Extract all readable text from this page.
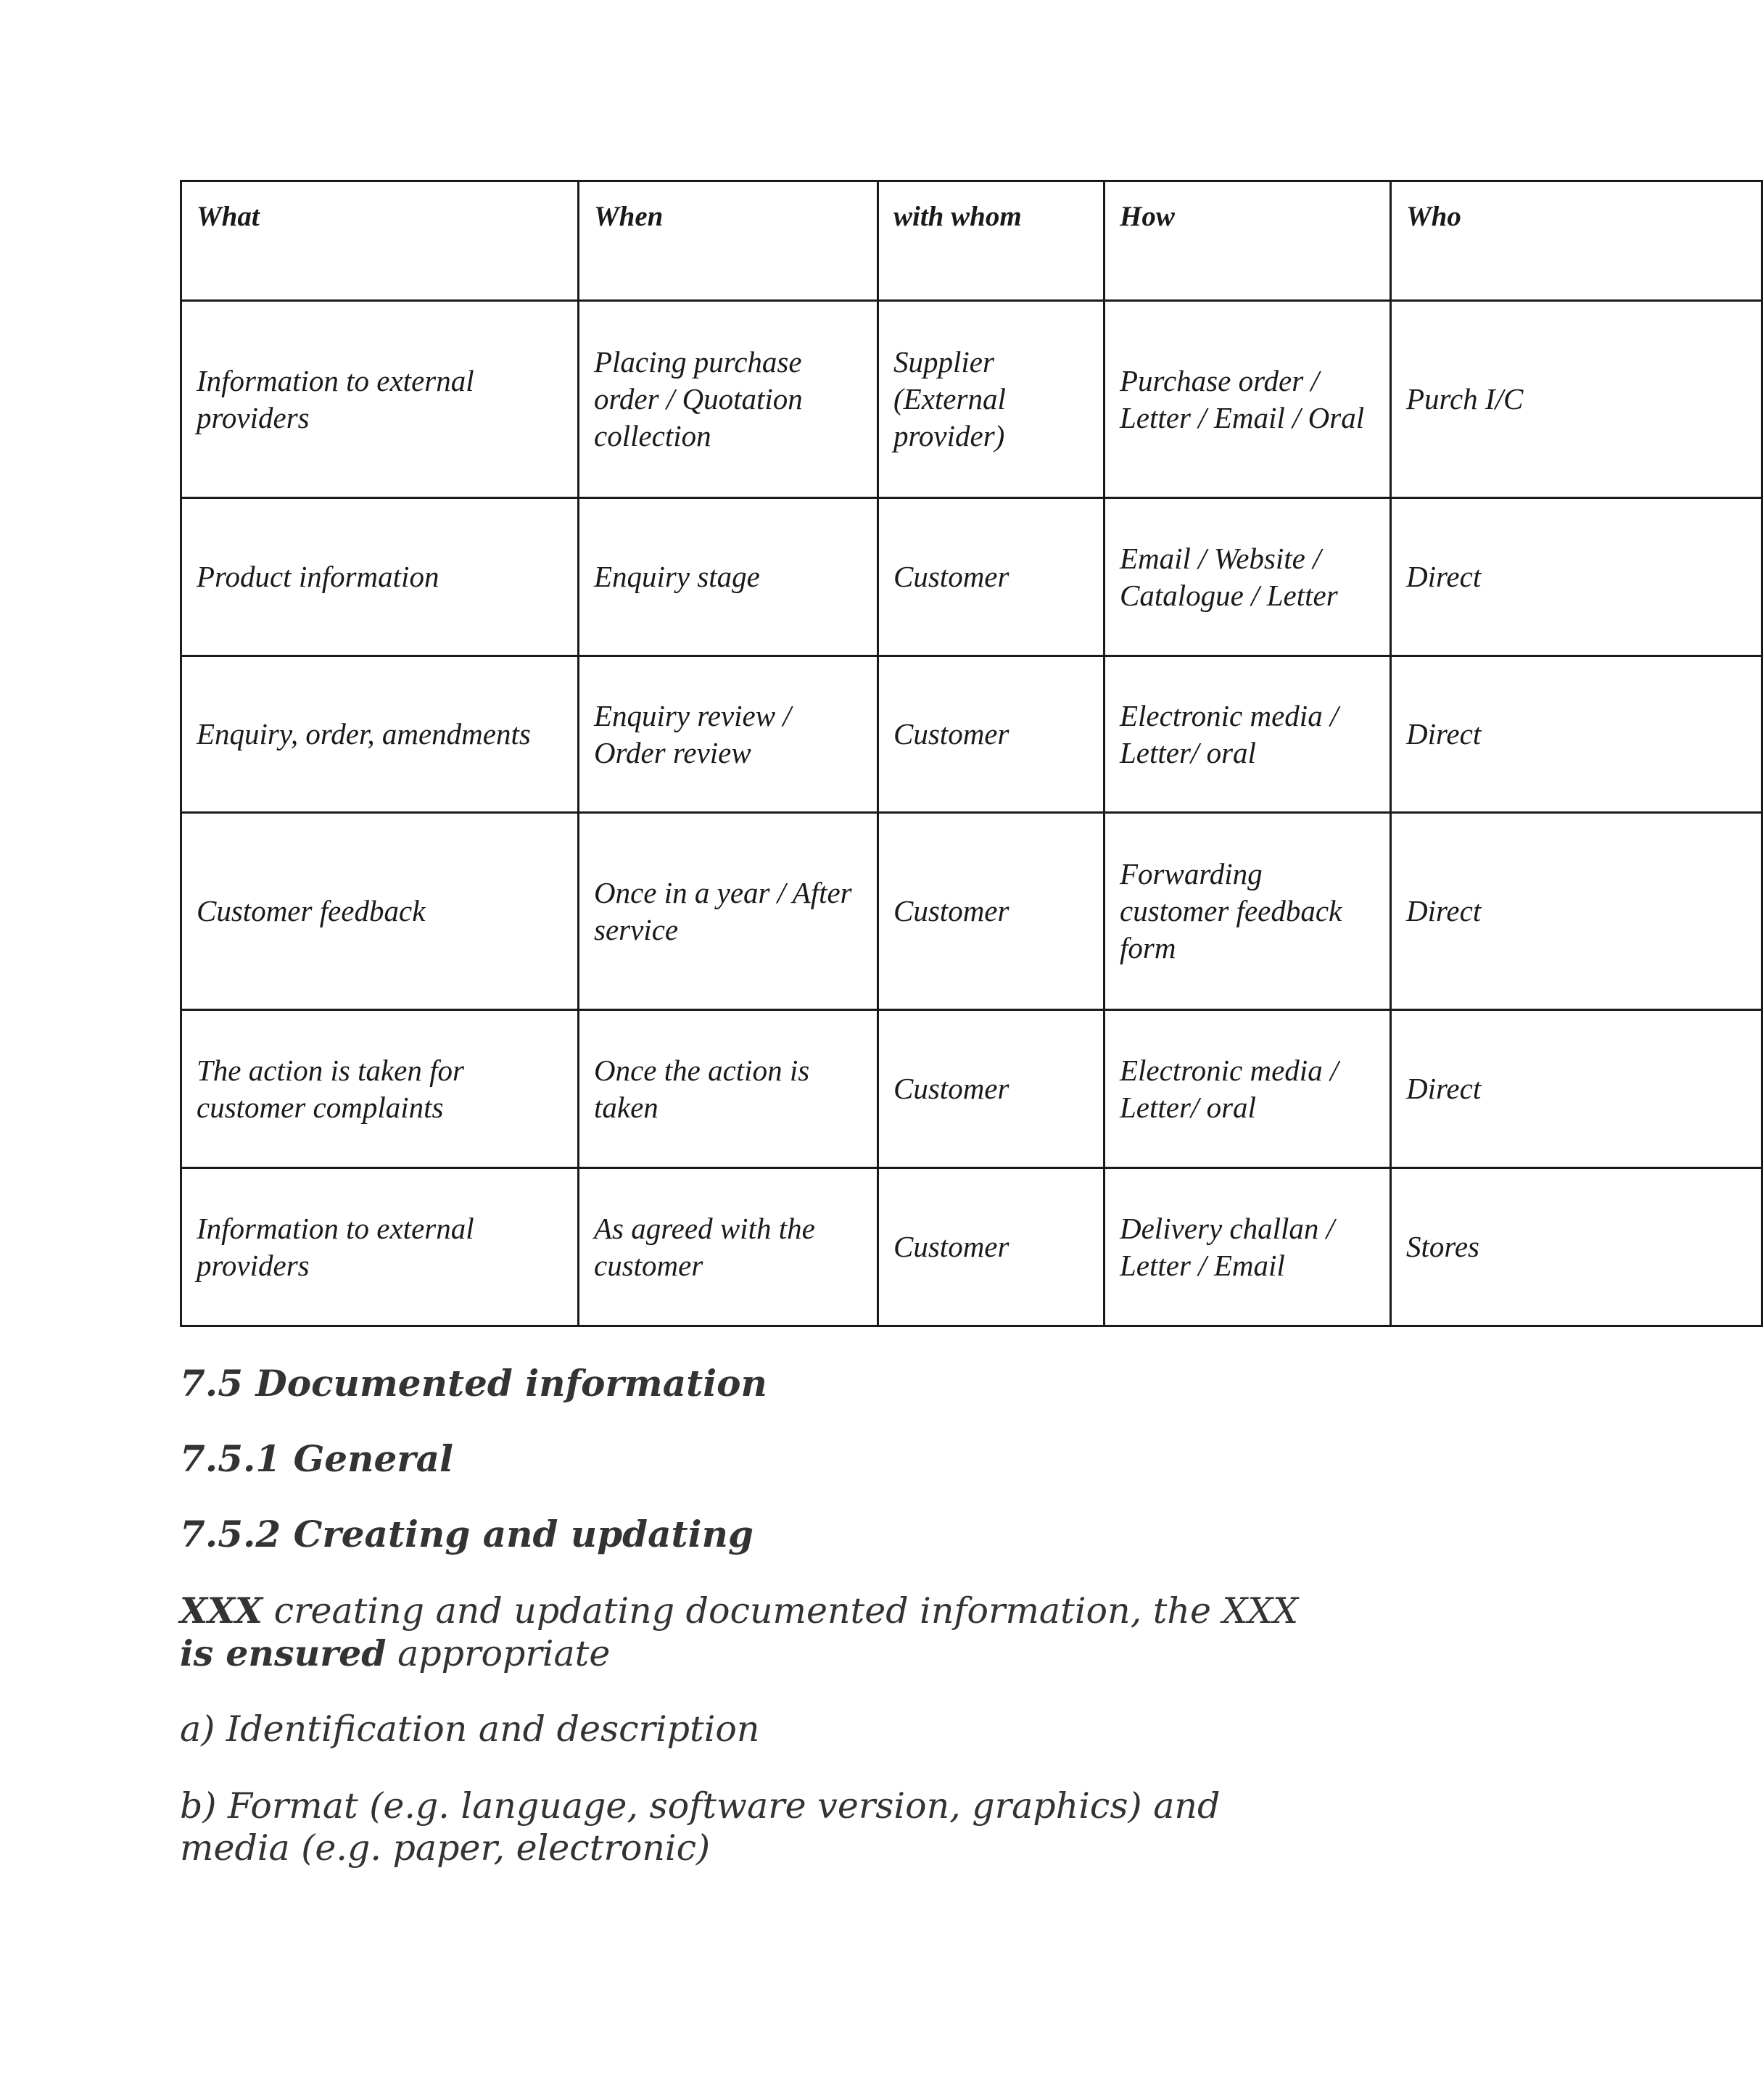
What	When	with whom	How	Who
Information to external providers	Placing purchase order / Quotation collection	Supplier (External provider)	Purchase order / Letter / Email / Oral	Purch I/C
Product information	Enquiry stage	Customer	Email / Website / Catalogue / Letter	Direct
Enquiry, order, amendments	Enquiry review / Order review	Customer	Electronic media / Letter/ oral	Direct
Customer feedback	Once in a year / After service	Customer	Forwarding customer feedback form	Direct
The action is taken for customer complaints	Once the action is taken	Customer	Electronic media / Letter/ oral	Direct
Information to external providers	As agreed with the customer	Customer	Delivery challan / Letter / Email	Stores
7.5 Documented information
7.5.1 General
7.5.2 Creating and updating

XXX creating and updating documented information, the XXX is ensured appropriate

a) Identification and description

b) Format (e.g. language, software version, graphics) and media (e.g. paper, electronic)
